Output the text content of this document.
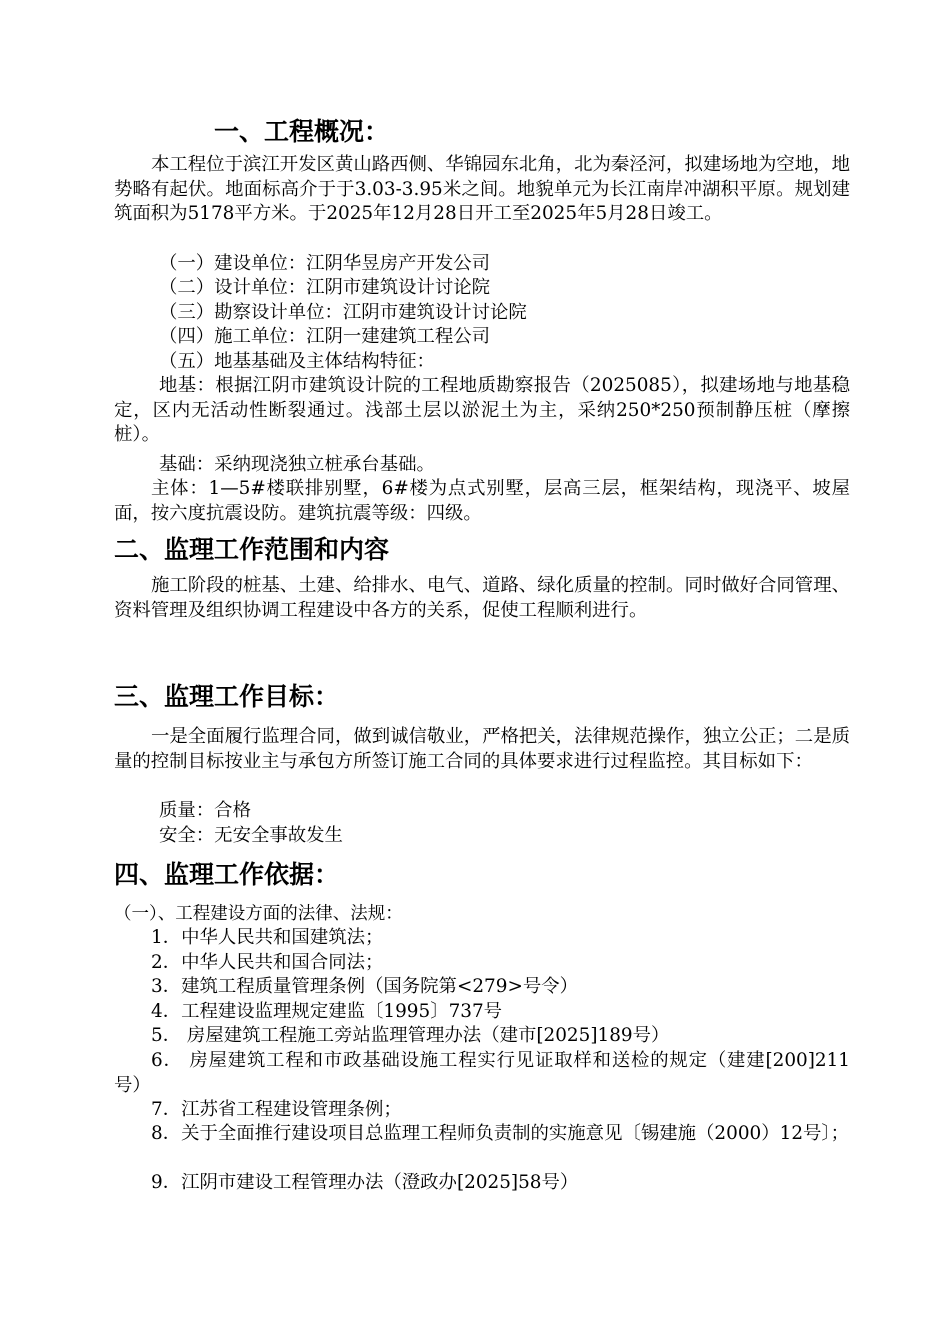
一、工程概况：
本工程位于滨江开发区黄山路西侧、华锦园东北角，北为秦泾河，拟建场地为空地，地势略有起伏。地面标高介于于3.03-3.95米之间。地貌单元为长江南岸冲湖积平原。规划建筑面积为5178平方米。于2025年12月28日开工至2025年5月28日竣工。
（一）建设单位：江阴华昱房产开发公司
（二）设计单位：江阴市建筑设计讨论院
（三）勘察设计单位：江阴市建筑设计讨论院
（四）施工单位：江阴一建建筑工程公司
（五）地基基础及主体结构特征：
地基：根据江阴市建筑设计院的工程地质勘察报告（2025085），拟建场地与地基稳定，区内无活动性断裂通过。浅部土层以淤泥土为主，采纳250*250预制静压桩（摩擦桩）。
基础：采纳现浇独立桩承台基础。
主体：1—5#楼联排别墅，6#楼为点式别墅，层高三层，框架结构，现浇平、坡屋面，按六度抗震设防。建筑抗震等级：四级。
二、监理工作范围和内容
施工阶段的桩基、土建、给排水、电气、道路、绿化质量的控制。同时做好合同管理、资料管理及组织协调工程建设中各方的关系，促使工程顺利进行。
三、监理工作目标：
一是全面履行监理合同，做到诚信敬业，严格把关，法律规范操作，独立公正；二是质量的控制目标按业主与承包方所签订施工合同的具体要求进行过程监控。其目标如下：
质量：合格
安全：无安全事故发生
四、监理工作依据：
（一）、工程建设方面的法律、法规：
1．中华人民共和国建筑法；
2．中华人民共和国合同法；
3．建筑工程质量管理条例（国务院第<279>号令）
4．工程建设监理规定建监〔1995〕737号
5． 房屋建筑工程施工旁站监理管理办法（建市[2025]189号）
6． 房屋建筑工程和市政基础设施工程实行见证取样和送检的规定（建建[200]211号）
7．江苏省工程建设管理条例；
8．关于全面推行建设项目总监理工程师负责制的实施意见〔锡建施（2000）12号〕；
9．江阴市建设工程管理办法（澄政办[2025]58号）
